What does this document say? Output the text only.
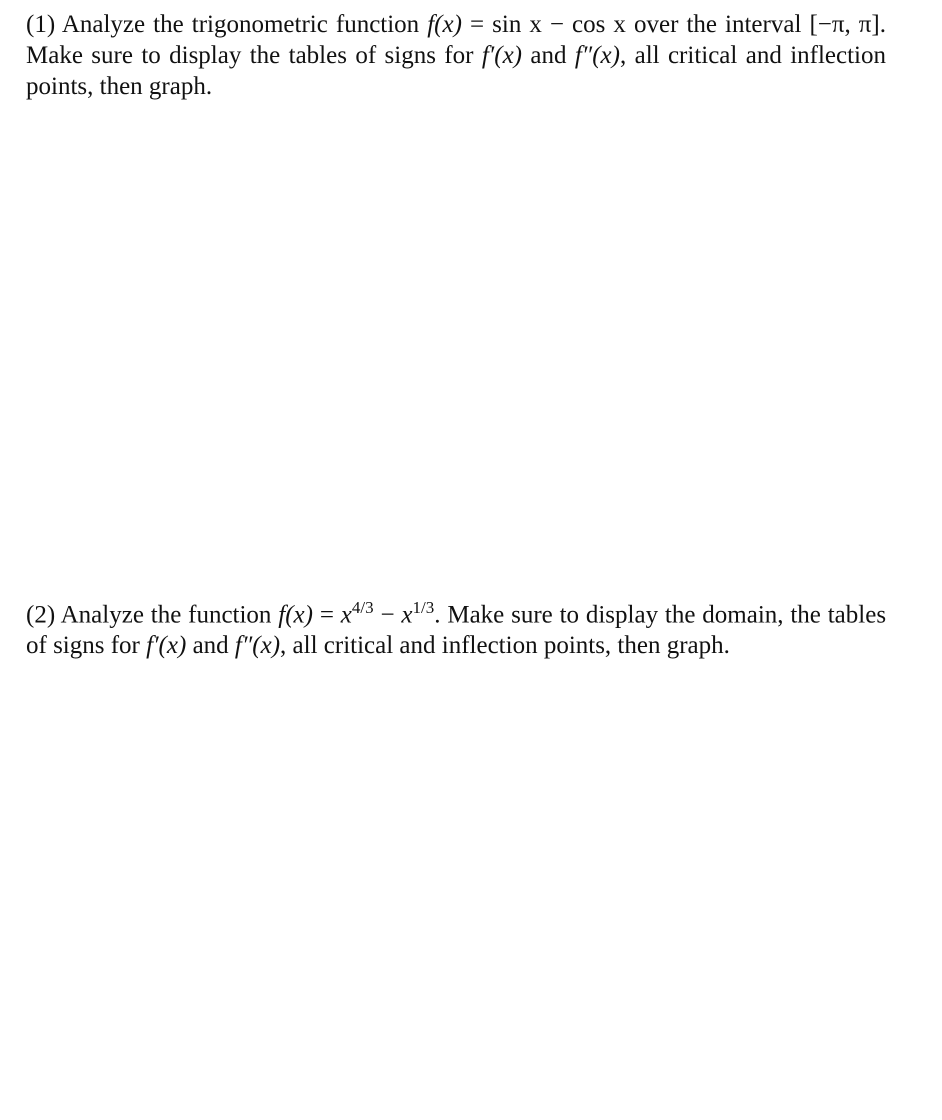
(1) Analyze the trigonometric function f(x) = sin x − cos x over the interval [−π, π]. Make sure to display the tables of signs for f′(x) and f″(x), all critical and inflection points, then graph.
(2) Analyze the function $f(x) = x^{4/3} - x^{1/3}$. Make sure to display the domain, the tables of signs for f′(x) and f″(x), all critical and inflection points, then graph.
